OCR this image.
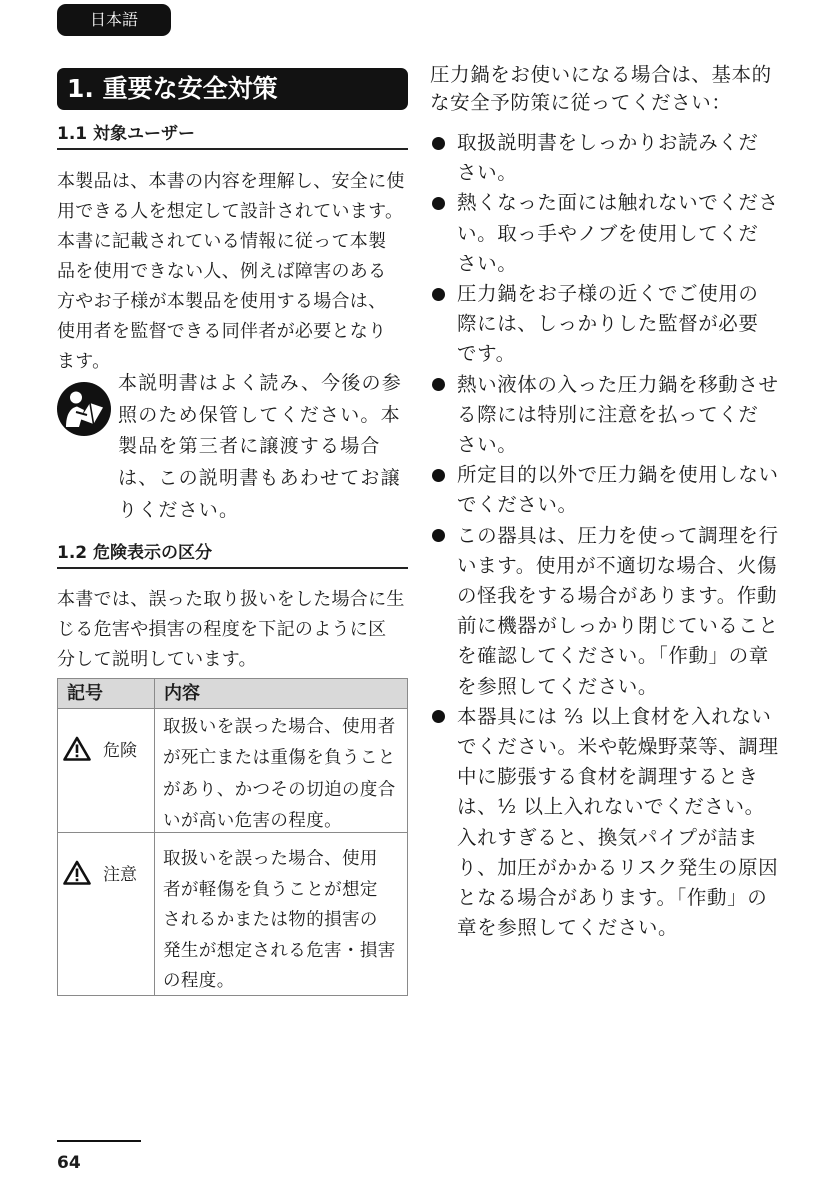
日本語
1. 重要な安全対策
1.1 対象ユーザー
本製品は、本書の内容を理解し、安全に使
用できる人を想定して設計されています。
本書に記載されている情報に従って本製
品を使用できない人、例えば障害のある
方やお子様が本製品を使用する場合は、
使用者を監督できる同伴者が必要となり
ます。
本説明書はよく読み、今後の参
照のため保管してください。本
製品を第三者に譲渡する場合
は、この説明書もあわせてお譲
りください。
1.2 危険表示の区分
本書では、誤った取り扱いをした場合に生
じる危害や損害の程度を下記のように区
分して説明しています。
記号	内容
危険
取扱いを誤った場合、使用者
が死亡または重傷を負うこと
があり、かつその切迫の度合
いが高い危害の程度。
注意
取扱いを誤った場合、使用
者が軽傷を負うことが想定
されるかまたは物的損害の
発生が想定される危害・損害
の程度。
圧力鍋をお使いになる場合は、基本的
な安全予防策に従ってください：
取扱説明書をしっかりお読みくだ
さい。
熱くなった面には触れないでくださ
い。取っ手やノブを使用してくだ
さい。
圧力鍋をお子様の近くでご使用の
際には、しっかりした監督が必要
です。
熱い液体の入った圧力鍋を移動させ
る際には特別に注意を払ってくだ
さい。
所定目的以外で圧力鍋を使用しない
でください。
この器具は、圧力を使って調理を行
います。使用が不適切な場合、火傷
の怪我をする場合があります。作動
前に機器がしっかり閉じていること
を確認してください。「作動」の章
を参照してください。
本器具には ⅔ 以上食材を入れない
でください。米や乾燥野菜等、調理
中に膨張する食材を調理するとき
は、½ 以上入れないでください。
入れすぎると、換気パイプが詰ま
り、加圧がかかるリスク発生の原因
となる場合があります。「作動」の
章を参照してください。
64
